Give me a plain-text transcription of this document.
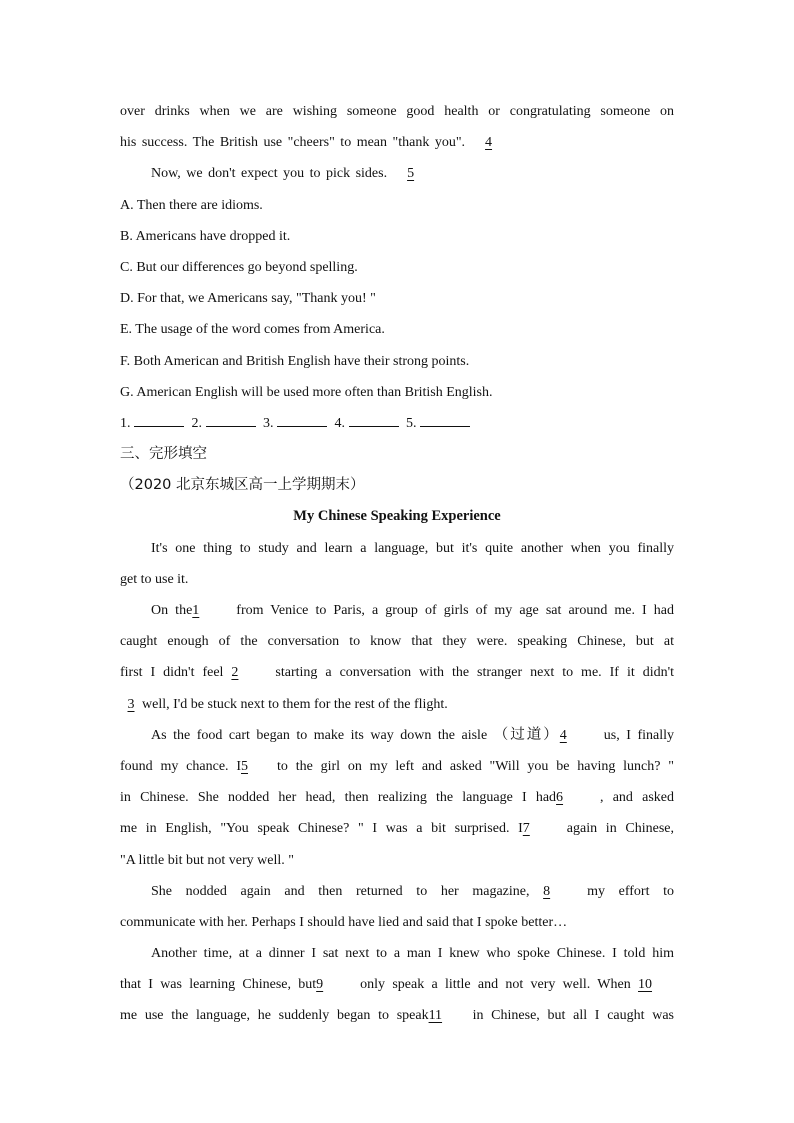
over drinks when we are wishing someone good health or congratulating someone on
his success. The British use "cheers" to mean "thank you". 4
Now, we don't expect you to pick sides. 5
A. Then there are idioms.
B. Americans have dropped it.
C. But our differences go beyond spelling.
D. For that, we Americans say, "Thank you! "
E. The usage of the word comes from America.
F. Both American and British English have their strong points.
G. American English will be used more often than British English.
1.	2.	3.	4.	5.
三、完形填空
（2020 北京东城区高一上学期期末）
My Chinese Speaking Experience
It's one thing to study and learn a language, but it's quite another when you finally
get to use it.
On the1	from Venice to Paris, a group of girls of my age sat around me. I had
caught enough of the conversation to know that they were. speaking Chinese, but at
first I didn't feel 2	starting a conversation with the stranger next to me. If it didn't
3 well, I'd be stuck next to them for the rest of the flight.
As the food cart began to make its way down the aisle （过道）4	us, I finally
found my chance. I5 to the girl on my left and asked "Will you be having lunch? "
in Chinese. She nodded her head, then realizing the language I had6	, and asked
me in English, "You speak Chinese? " I was a bit surprised. I7	again in Chinese,
"A little bit but not very well. "
She nodded again and then returned to her magazine, 8	my effort to
communicate with her. Perhaps I should have lied and said that I spoke better…
Another time, at a dinner I sat next to a man I knew who spoke Chinese. I told him
that I was learning Chinese, but9	only speak a little and not very well. When 10
me use the language, he suddenly began to speak11 in Chinese, but all I caught was
